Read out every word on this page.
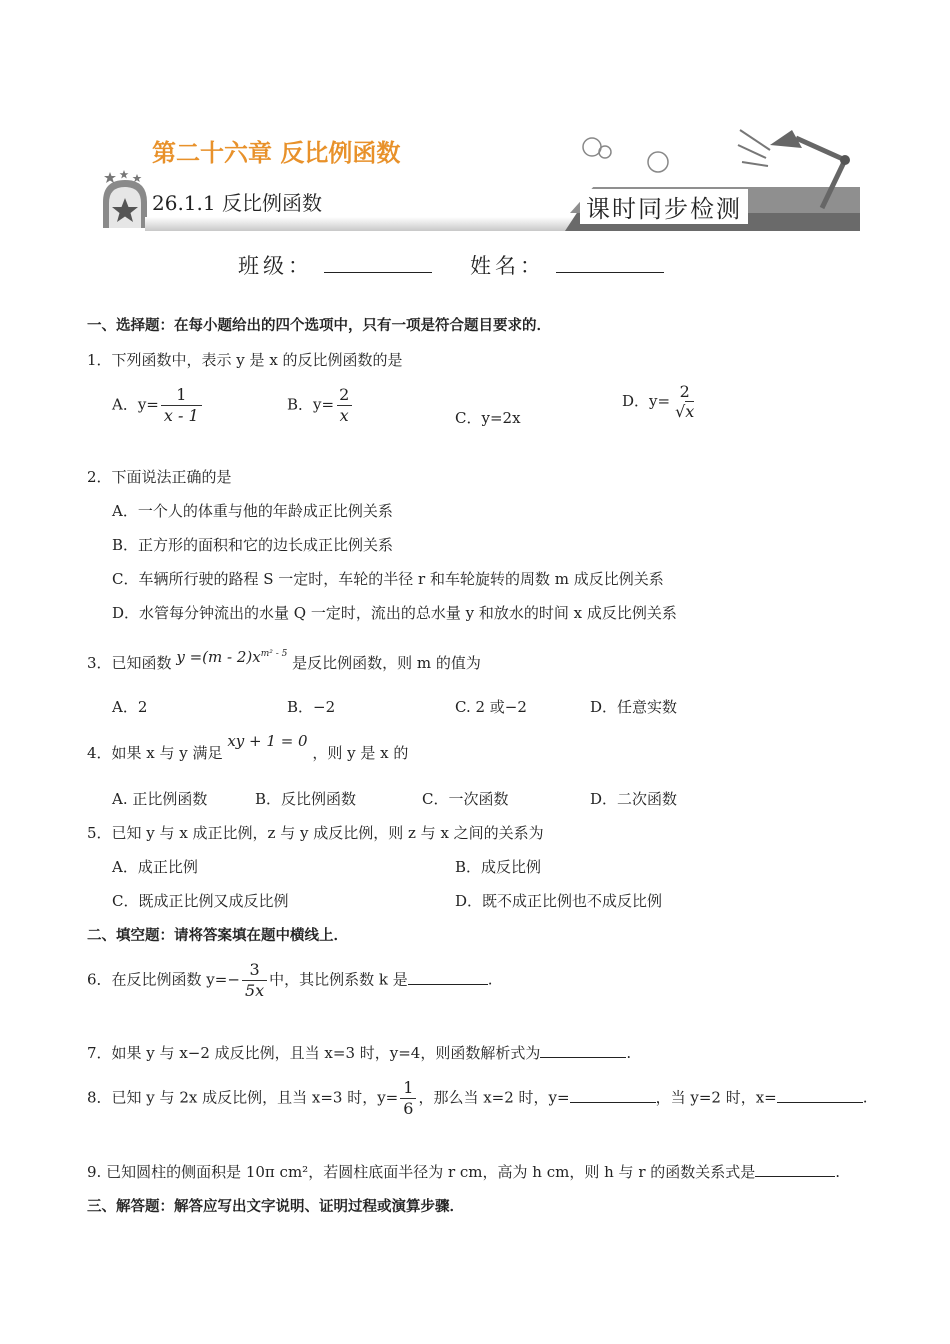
第二十六章 反比例函数
26.1.1 反比例函数	课时同步检测
班级：	姓名：
一、选择题：在每小题给出的四个选项中，只有一项是符合题目要求的．
1．下列函数中，表示 y 是 x 的反比例函数的是
A．$y= \frac{1}{x - 1}$	B．$y= \frac{2}{x}$	C．y=2x
D．y= 2
√x
2．下面说法正确的是
A．一个人的体重与他的年龄成正比例关系
B．正方形的面积和它的边长成正比例关系
C．车辆所行驶的路程 S 一定时，车轮的半径 r 和车轮旋转的周数 m 成反比例关系
D．水管每分钟流出的水量 Q 一定时，流出的总水量 y 和放水的时间 x 成反比例关系
3．已知函数 $y =(m - 2)x^{m^2 - 5}$ 是反比例函数，则 m 的值为
A．2	B．−2	C. 2 或−2	D．任意实数
4．如果 x 与 y 满足 xy + 1 = 0 ，则 y 是 x 的
A. 正比例函数	B．反比例函数	C．一次函数	D．二次函数
5．已知 y 与 x 成正比例，z 与 y 成反比例，则 z 与 x 之间的关系为
A．成正比例	B．成反比例
C．既成正比例又成反比例	D．既不成正比例也不成反比例
二、填空题：请将答案填在题中横线上．
6．在反比例函数 $y=- \frac{3}{5x}$ 中，其比例系数 k 是	.
7．如果 y 与 x−2 成反比例，且当 x=3 时，y=4，则函数解析式为	.
8．已知 y 与 2x 成反比例，且当 x=3 时，$y= \frac{1}{6}$ ，那么当 x=2 时，y=	，当 y=2 时，x=	.
9. 已知圆柱的侧面积是 10π cm²，若圆柱底面半径为 r cm，高为 h cm，则 h 与 r 的函数关系式是	.
三、解答题：解答应写出文字说明、证明过程或演算步骤．
